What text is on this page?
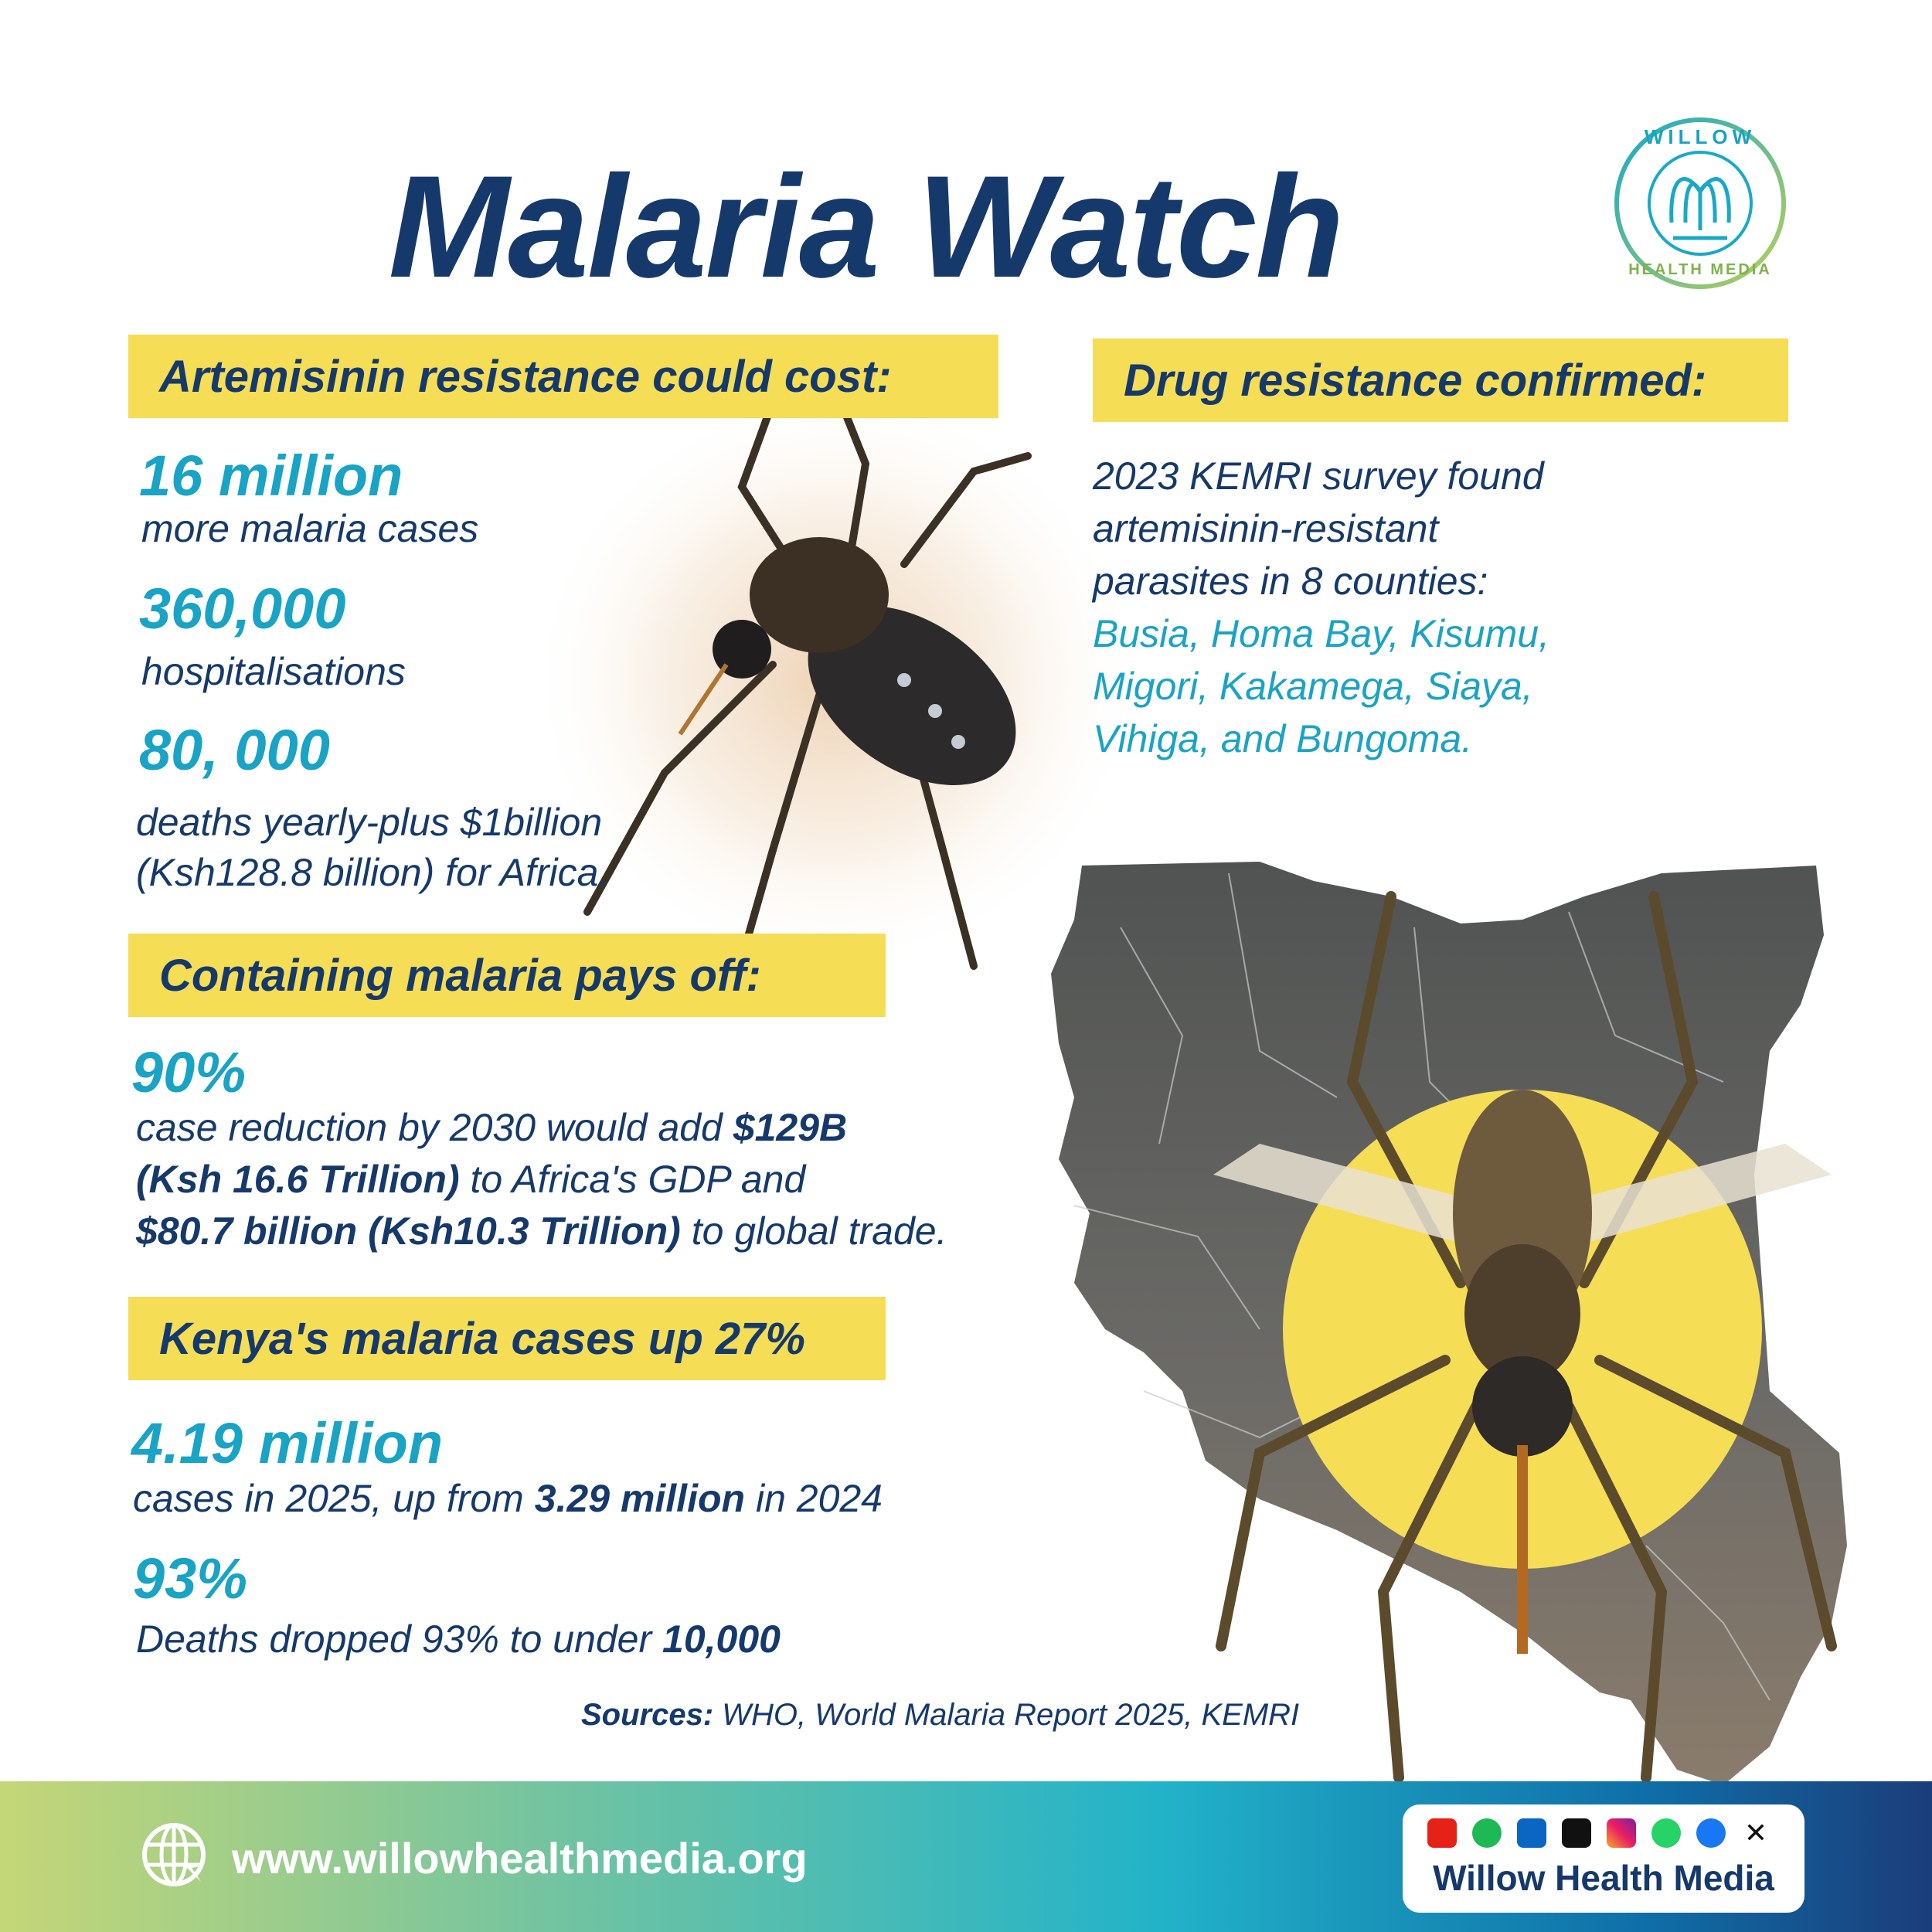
WILLOW
HEALTH MEDIA
Malaria Watch
Artemisinin resistance could cost:
16 million
more malaria cases
360,000
hospitalisations
80, 000
deaths yearly-plus $1billion
(Ksh128.8 billion) for Africa.
Drug resistance confirmed:
2023 KEMRI survey found
artemisinin-resistant
parasites in 8 counties:
Busia, Homa Bay, Kisumu,
Migori, Kakamega, Siaya,
Vihiga, and Bungoma.
Containing malaria pays off:
90%
case reduction by 2030 would add $129B
(Ksh 16.6 Trillion) to Africa's GDP and
$80.7 billion (Ksh10.3 Trillion) to global trade.
Kenya's malaria cases up 27%
4.19 million
cases in 2025, up from 3.29 million in 2024
93%
Deaths dropped 93% to under 10,000
Sources: WHO, World Malaria Report 2025, KEMRI
www.willowhealthmedia.org
✕
Willow Health Media
